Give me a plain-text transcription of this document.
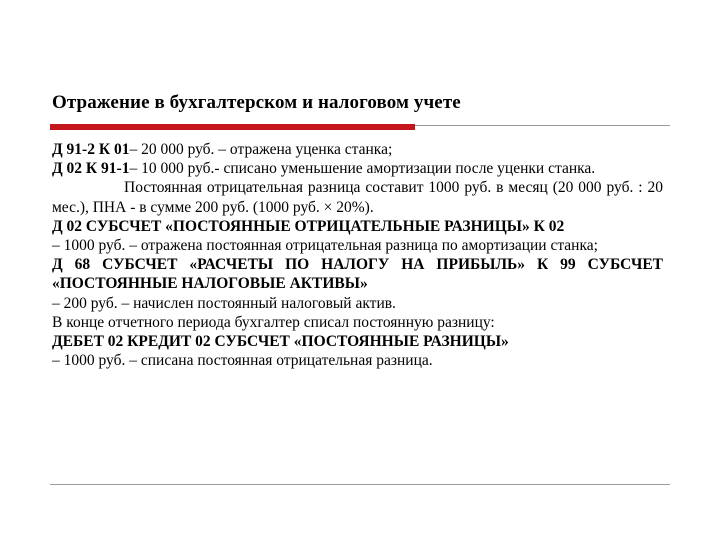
Отражение в бухгалтерском и налоговом учете

Д 91-2 К 01– 20 000 руб. – отражена уценка станка;

Д 02 К 91-1– 10 000 руб.- списано уменьшение амортизации после уценки станка.

Постоянная отрицательная разница составит 1000 руб. в месяц (20 000 руб. : 20 мес.), ПНА - в сумме 200 руб. (1000 руб. × 20%).

Д 02 СУБСЧЕТ «ПОСТОЯННЫЕ ОТРИЦАТЕЛЬНЫЕ РАЗНИЦЫ» К 02

– 1000 руб. – отражена постоянная отрицательная разница по амортизации станка;

Д 68 СУБСЧЕТ «РАСЧЕТЫ ПО НАЛОГУ НА ПРИБЫЛЬ» К 99 СУБСЧЕТ «ПОСТОЯННЫЕ НАЛОГОВЫЕ АКТИВЫ»

– 200 руб. – начислен постоянный налоговый актив.

В конце отчетного периода бухгалтер списал постоянную разницу:

ДЕБЕТ 02 КРЕДИТ 02 СУБСЧЕТ «ПОСТОЯННЫЕ РАЗНИЦЫ»

– 1000 руб. – списана постоянная отрицательная разница.
